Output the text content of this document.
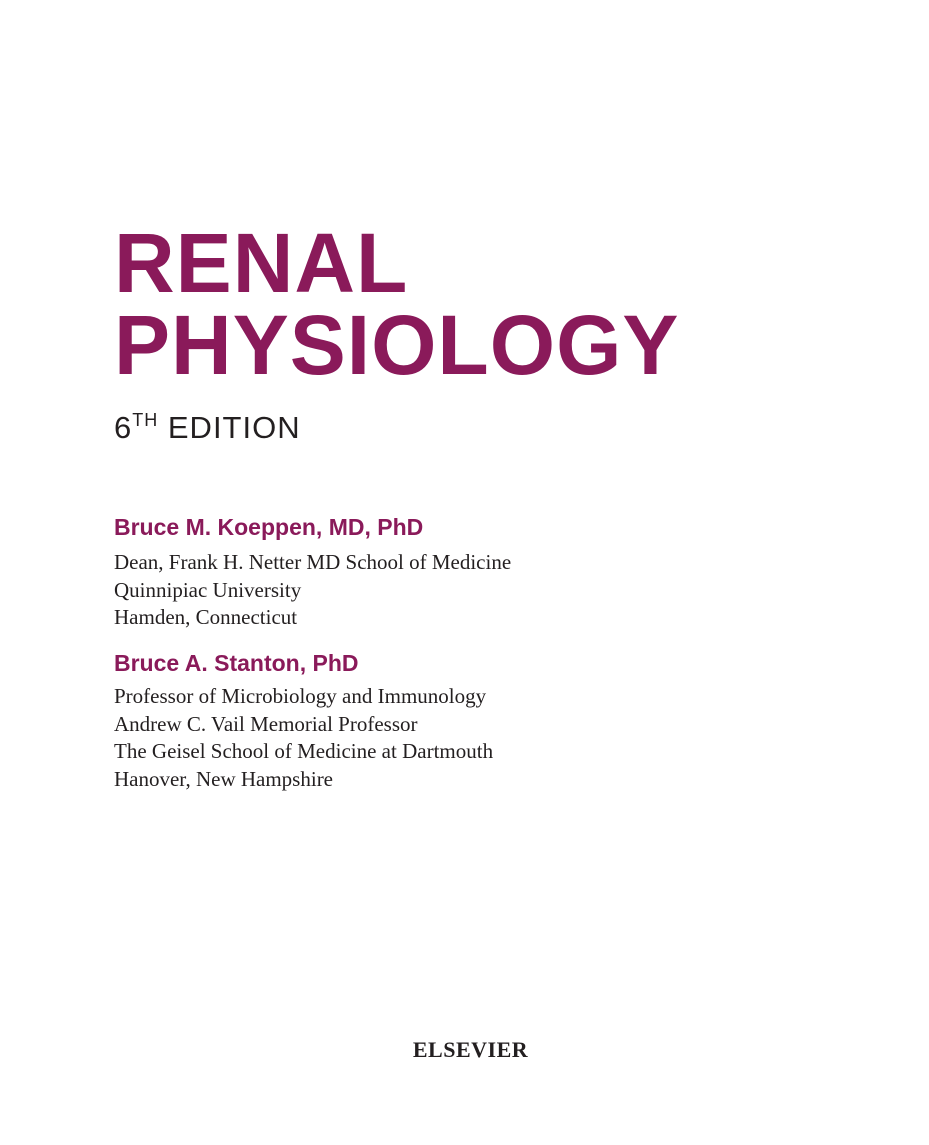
RENAL
PHYSIOLOGY
6TH EDITION
Bruce M. Koeppen, MD, PhD
Dean, Frank H. Netter MD School of Medicine
Quinnipiac University
Hamden, Connecticut
Bruce A. Stanton, PhD
Professor of Microbiology and Immunology
Andrew C. Vail Memorial Professor
The Geisel School of Medicine at Dartmouth
Hanover, New Hampshire
ELSEVIER
